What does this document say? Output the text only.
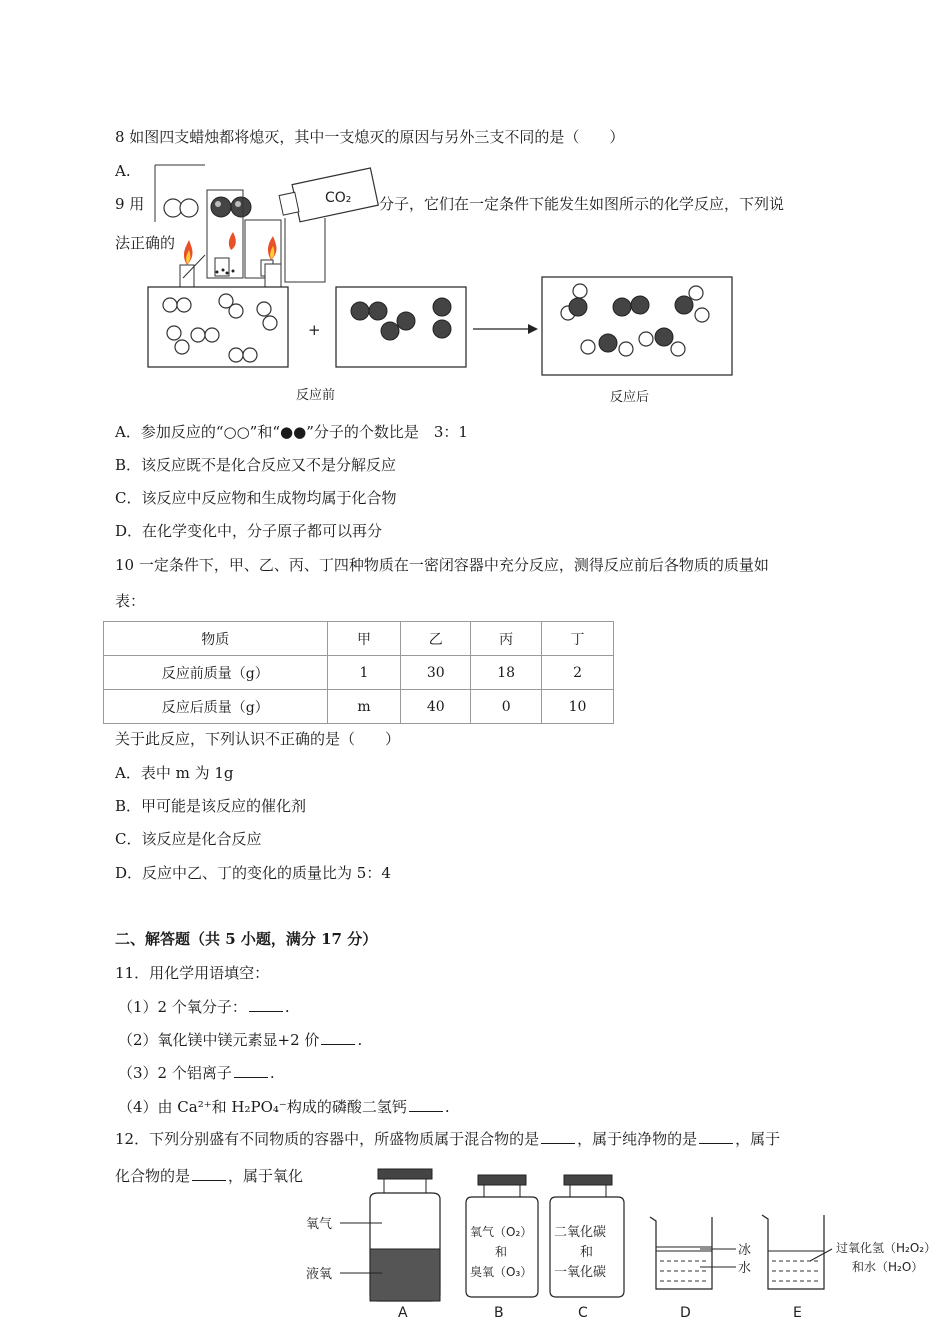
8 如图四支蜡烛都将熄灭，其中一支熄灭的原因与另外三支不同的是（　　）
A.
9 用	分子，它们在一定条件下能发生如图所示的化学反应，下列说
法正确的
CO₂
+
反应前	反应后
A．参加反应的“○○”和“●●”分子的个数比是　3：1
B．该反应既不是化合反应又不是分解反应
C．该反应中反应物和生成物均属于化合物
D．在化学变化中，分子原子都可以再分
10 一定条件下，甲、乙、丙、丁四种物质在一密闭容器中充分反应，测得反应前后各物质的质量如
表：
物质	甲	乙	丙	丁
反应前质量（g）	1	30	18	2
反应后质量（g）	m	40	0	10
关于此反应，下列认识不正确的是（　　）
A．表中 m 为 1g
B．甲可能是该反应的催化剂
C．该反应是化合反应
D．反应中乙、丁的变化的质量比为 5：4
二、解答题（共 5 小题，满分 17 分）
11．用化学用语填空：
（1）2 个氧分子：	.
（2）氧化镁中镁元素显+2 价	.
（3）2 个铝离子	.
（4）由 Ca²⁺和 H₂PO₄⁻构成的磷酸二氢钙	.
12．下列分别盛有不同物质的容器中，所盛物质属于混合物的是	，属于纯净物的是	，属于
化合物的是	，属于氧化
氧气
液氧
A
氧气（O₂）
和
臭氧（O₃）
B
二氧化碳
和
一氧化碳
C
冰
水
D
过氧化氢（H₂O₂）
和水（H₂O）
E
